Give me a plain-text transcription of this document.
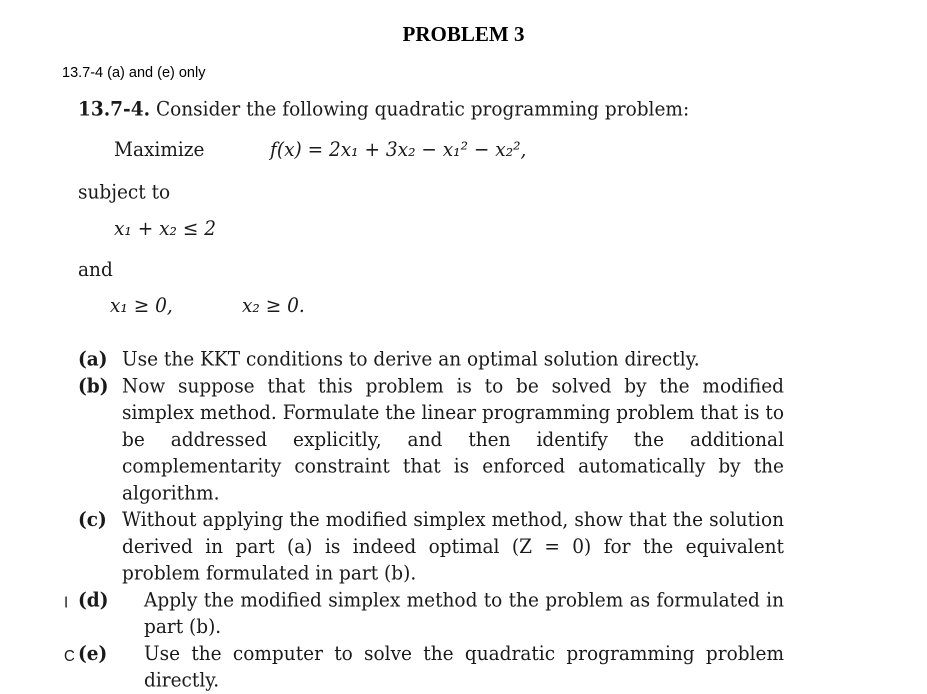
PROBLEM 3
13.7-4 (a) and (e) only

13.7-4. Consider the following quadratic programming problem:

Maximize	f(x) = 2x₁ + 3x₂ − x₁² − x₂²,
subject to
x₁ + x₂ ≤ 2
and
x₁ ≥ 0,	x₂ ≥ 0.
(a) Use the KKT conditions to derive an optimal solution directly.
(b) Now suppose that this problem is to be solved by the modified simplex method. Formulate the linear programming problem that is to be addressed explicitly, and then identify the additional complementarity constraint that is enforced automatically by the algorithm.
(c) Without applying the modified simplex method, show that the solution derived in part (a) is indeed optimal (Z = 0) for the equivalent problem formulated in part (b).
I (d)	Apply the modified simplex method to the problem as formulated in part (b).
C (e)	Use the computer to solve the quadratic programming problem directly.
